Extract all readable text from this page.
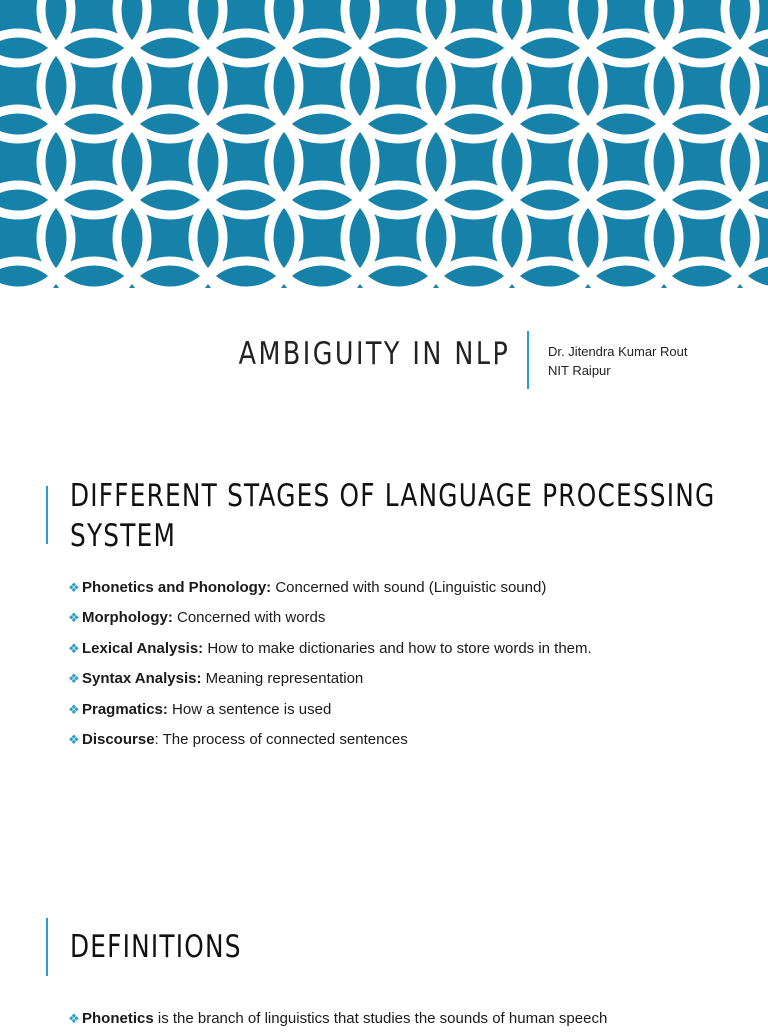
AMBIGUITY IN NLP	Dr. Jitendra Kumar Rout
NIT Raipur
DIFFERENT STAGES OF LANGUAGE PROCESSING
SYSTEM
❖ Phonetics and Phonology: Concerned with sound (Linguistic sound)
❖ Morphology: Concerned with words
❖ Lexical Analysis: How to make dictionaries and how to store words in them.
❖ Syntax Analysis: Meaning representation
❖ Pragmatics: How a sentence is used
❖ Discourse: The process of connected sentences
DEFINITIONS
❖ Phonetics is the branch of linguistics that studies the sounds of human speech
